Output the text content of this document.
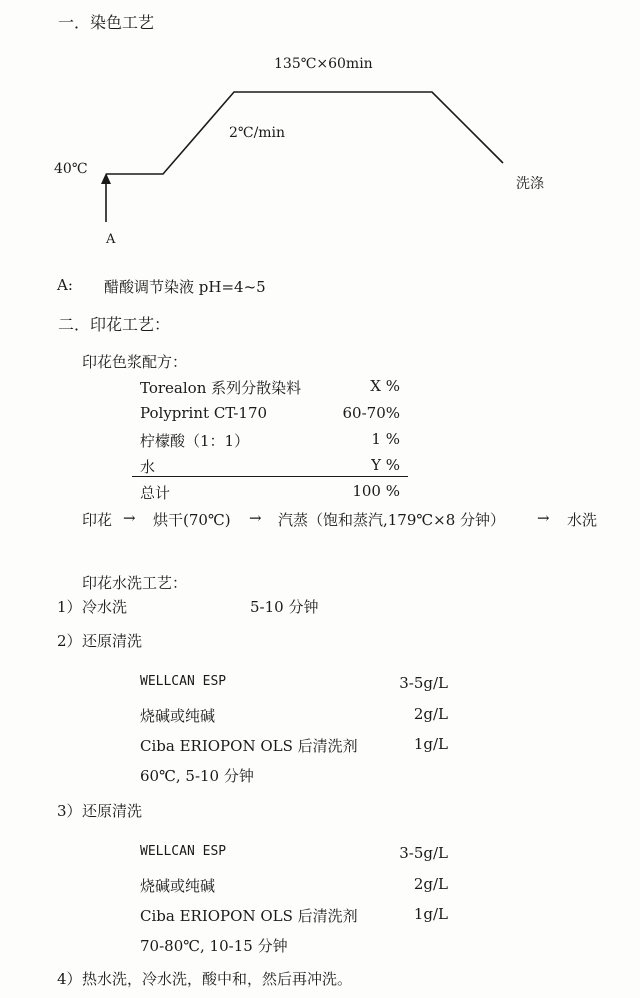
一．染色工艺
135℃×60min
2℃/min
40℃
洗涤
A
A: 醋酸调节染液 pH=4~5
二．印花工艺：
印花色浆配方：
Torealon 系列分散染料	X %
Polyprint CT-170	60-70%
柠檬酸（1：1）	1 %
水	Y %
总计	100 %
印花 → 烘干(70℃) → 汽蒸（饱和蒸汽,179℃×8 分钟） → 水洗
印花水洗工艺：
1） 冷水洗	5-10 分钟
2） 还原清洗
WELLCAN ESP	3-5g/L
烧碱或纯碱	2g/L
Ciba ERIOPON OLS 后清洗剂	1g/L
60℃, 5-10 分钟
3） 还原清洗
WELLCAN ESP	3-5g/L
烧碱或纯碱	2g/L
Ciba ERIOPON OLS 后清洗剂	1g/L
70-80℃, 10-15 分钟
4） 热水洗，冷水洗，酸中和，然后再冲洗。
